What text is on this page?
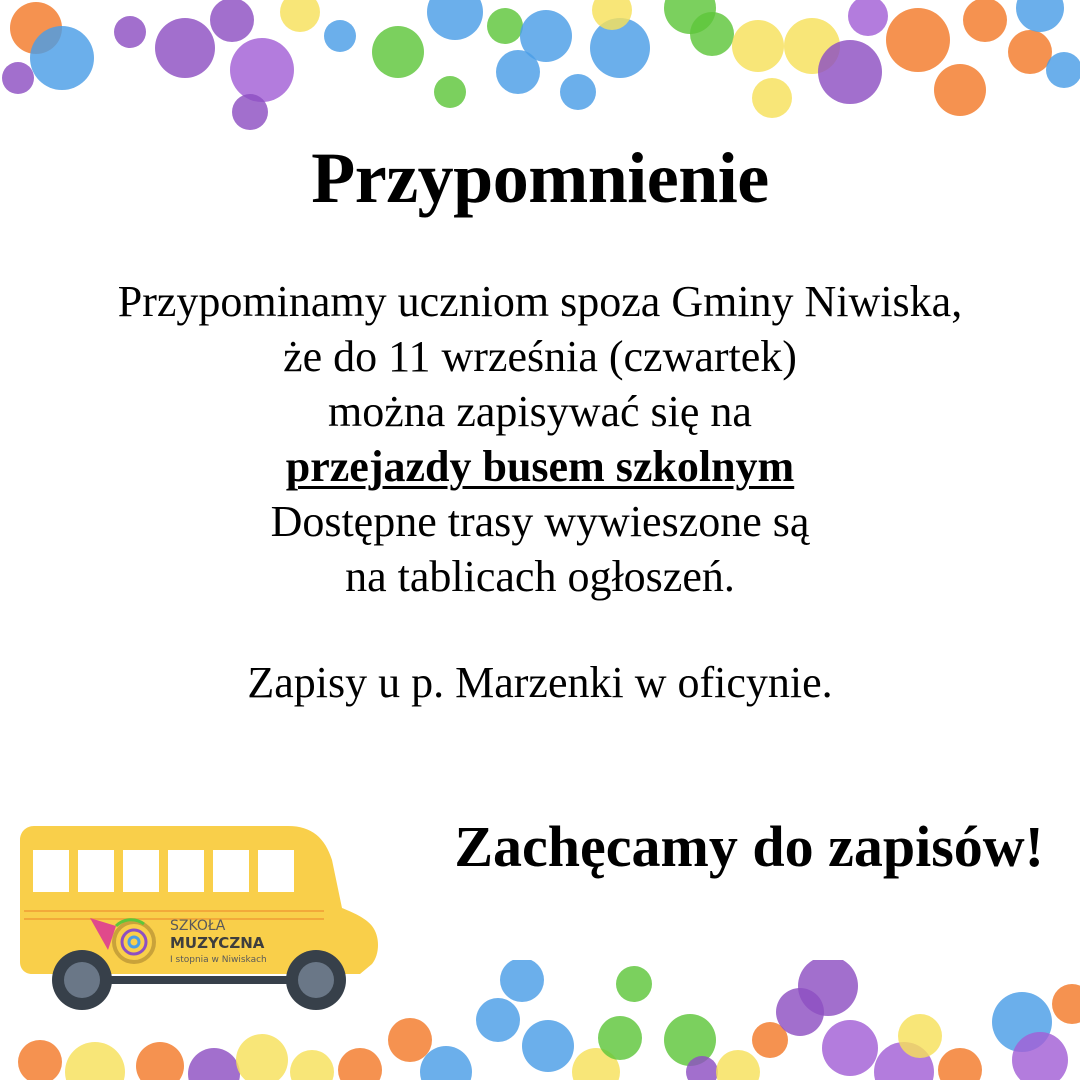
Przypomnienie
Przypominamy uczniom spoza Gminy Niwiska,
że do 11 września (czwartek)
można zapisywać się na
przejazdy busem szkolnym
Dostępne trasy wywieszone są
na tablicach ogłoszeń.
Zapisy u p. Marzenki w oficynie.
Zachęcamy do zapisów!
SZKOŁA
MUZYCZNA
I stopnia w Niwiskach
